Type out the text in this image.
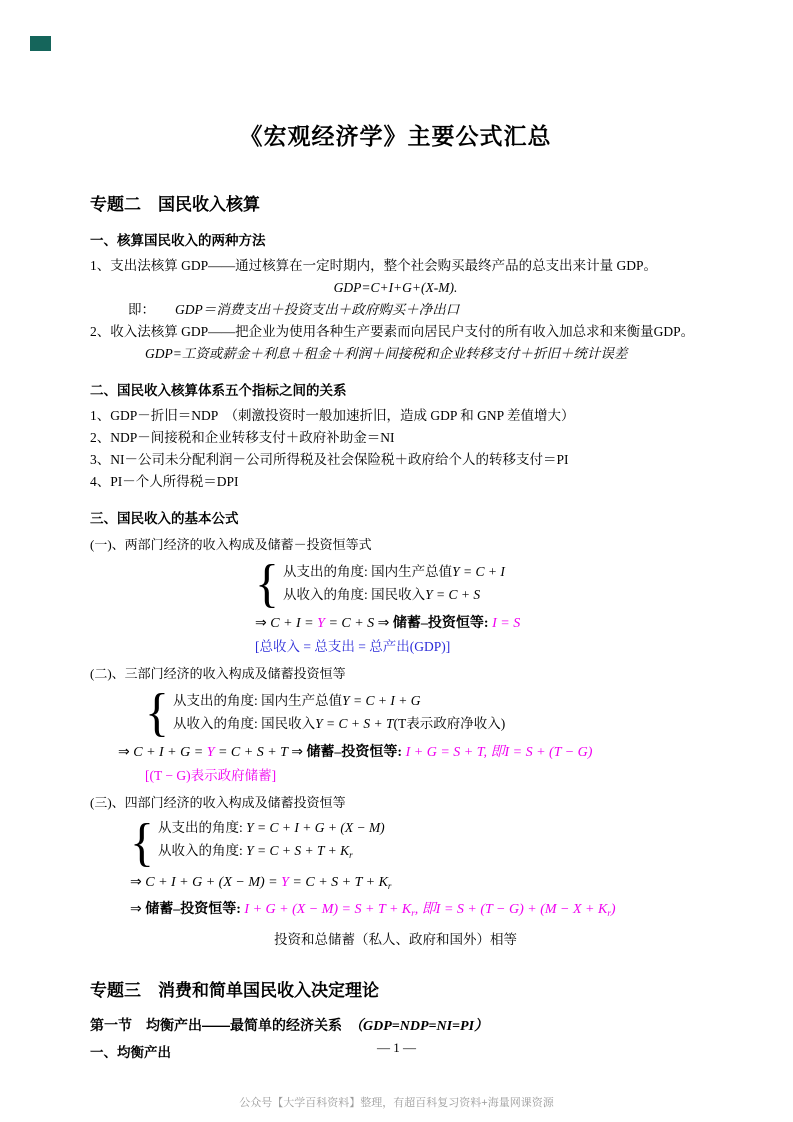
《宏观经济学》主要公式汇总
专题二　国民收入核算
一、核算国民收入的两种方法

1、支出法核算 GDP——通过核算在一定时期内，整个社会购买最终产品的总支出来计量 GDP。

GDP=C+I+G+(X-M).

即： GDP＝消费支出＋投资支出＋政府购买＋净出口

2、收入法核算 GDP——把企业为使用各种生产要素而向居民户支付的所有收入加总求和来衡量GDP。

GDP=工资或薪金＋利息＋租金＋利润＋间接税和企业转移支付＋折旧＋统计误差

二、国民收入核算体系五个指标之间的关系

1、GDP－折旧＝NDP　（刺激投资时一般加速折旧，造成 GDP 和 GNP 差值增大）

2、NDP－间接税和企业转移支付＋政府补助金＝NI

3、NI－公司未分配利润－公司所得税及社会保险税＋政府给个人的转移支付＝PI

4、PI－个人所得税＝DPI

三、国民收入的基本公式

(一)、两部门经济的收入构成及储蓄－投资恒等式

{ 从支出的角度: 国内生产总值Y = C + I
从收入的角度: 国民收入Y = C + S

⇒ C + I = Y = C + S ⇒ 储蓄–投资恒等: I = S

[总收入 = 总支出 = 总产出(GDP)]

(二)、三部门经济的收入构成及储蓄投资恒等

{ 从支出的角度: 国内生产总值Y = C + I + G
从收入的角度: 国民收入Y = C + S + T(T表示政府净收入)

⇒ C + I + G = Y = C + S + T ⇒ 储蓄–投资恒等: I + G = S + T, 即I = S + (T − G)

[(T − G)表示政府储蓄]

(三)、四部门经济的收入构成及储蓄投资恒等

{ 从支出的角度: Y = C + I + G + (X − M)
从收入的角度: $Y = C + S + T + K_r$

⇒ $C + I + G + (X - M) = Y = C + S + T + K_r$

⇒ 储蓄–投资恒等: $I + G + (X - M) = S + T + K_r$, 即$I = S + (T - G) + (M - X + K_r)$

投资和总储蓄（私人、政府和国外）相等

专题三　消费和简单国民收入决定理论

第一节　均衡产出——最简单的经济关系　（GDP=NDP=NI=PI）

一、均衡产出	— 1 —
公众号【大学百科资料】整理，有超百科复习资料+海量网课资源
